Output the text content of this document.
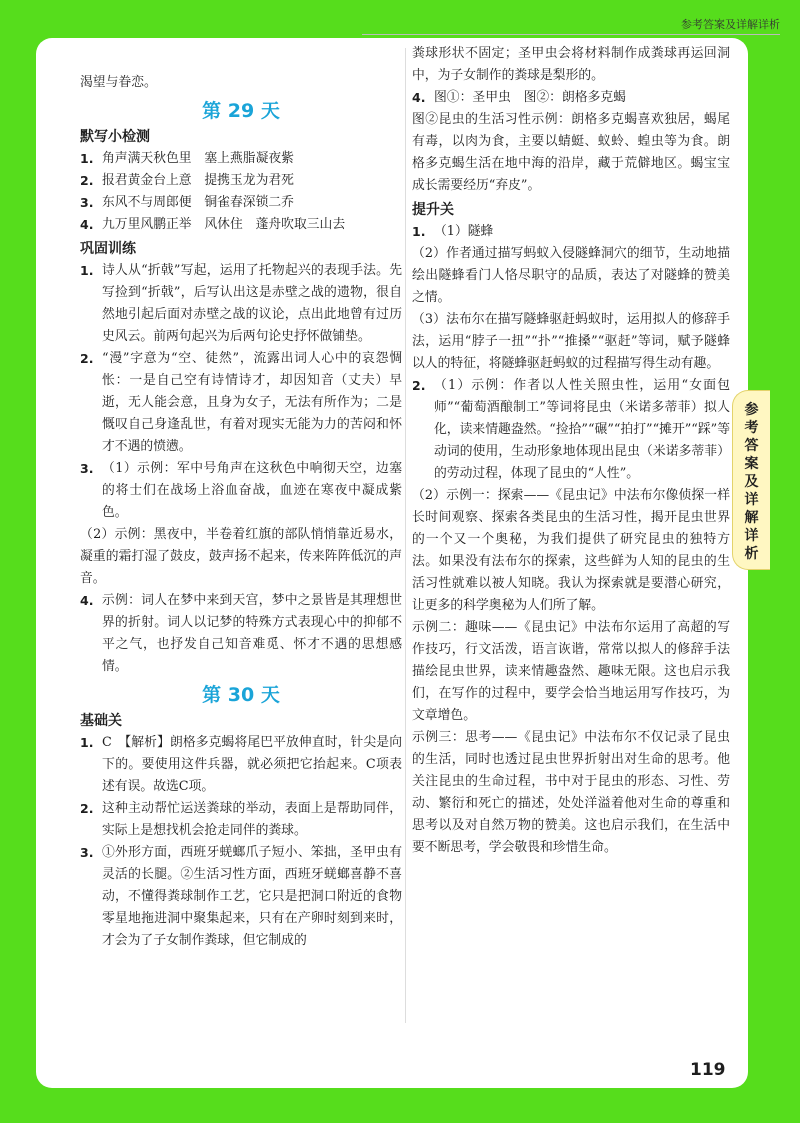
参考答案及详解详析
参考答案及详解详析

渴望与眷恋。

第 29 天
默写小检测
1. 角声满天秋色里　塞上燕脂凝夜紫
2. 报君黄金台上意　提携玉龙为君死
3. 东风不与周郎便　铜雀春深锁二乔
4. 九万里风鹏正举　风休住　蓬舟吹取三山去
巩固训练
1. 诗人从“折戟”写起，运用了托物起兴的表现手法。先写捡到“折戟”，后写认出这是赤壁之战的遗物，很自然地引起后面对赤壁之战的议论，点出此地曾有过历史风云。前两句起兴为后两句论史抒怀做铺垫。
2. “漫”字意为“空、徒然”，流露出词人心中的哀怨惆怅：一是自己空有诗情诗才，却因知音（丈夫）早逝，无人能会意，且身为女子，无法有所作为；二是慨叹自己身逢乱世，有着对现实无能为力的苦闷和怀才不遇的愤懑。
3. （1）示例：军中号角声在这秋色中响彻天空，边塞的将士们在战场上浴血奋战，血迹在寒夜中凝成紫色。

（2）示例：黑夜中，半卷着红旗的部队悄悄靠近易水，凝重的霜打湿了鼓皮，鼓声扬不起来，传来阵阵低沉的声音。

4. 示例：词人在梦中来到天宫，梦中之景皆是其理想世界的折射。词人以记梦的特殊方式表现心中的抑郁不平之气，也抒发自己知音难觅、怀才不遇的思想感情。
第 30 天
基础关
1. C　【解析】朗格多克蝎将尾巴平放伸直时，针尖是向下的。要使用这件兵器，就必须把它抬起来。C项表述有误。故选C项。
2. 这种主动帮忙运送粪球的举动，表面上是帮助同伴，实际上是想找机会抢走同伴的粪球。
3. ①外形方面，西班牙蜣螂爪子短小、笨拙，圣甲虫有灵活的长腿。②生活习性方面，西班牙蜣螂喜静不喜动，不懂得粪球制作工艺，它只是把洞口附近的食物零星地拖进洞中聚集起来，只有在产卵时刻到来时，才会为了子女制作粪球，但它制成的

粪球形状不固定；圣甲虫会将材料制作成粪球再运回洞中，为子女制作的粪球是梨形的。

4. 图①：圣甲虫　图②：朗格多克蝎

图②昆虫的生活习性示例：朗格多克蝎喜欢独居，蝎尾有毒，以肉为食，主要以蜻蜓、蚁蛉、蝗虫等为食。朗格多克蝎生活在地中海的沿岸，藏于荒僻地区。蝎宝宝成长需要经历“弃皮”。

提升关
1. （1）隧蜂

（2）作者通过描写蚂蚁入侵隧蜂洞穴的细节，生动地描绘出隧蜂看门人恪尽职守的品质，表达了对隧蜂的赞美之情。

（3）法布尔在描写隧蜂驱赶蚂蚁时，运用拟人的修辞手法，运用“脖子一扭”“扑”“推搡”“驱赶”等词，赋予隧蜂以人的特征，将隧蜂驱赶蚂蚁的过程描写得生动有趣。

2. （1）示例：作者以人性关照虫性，运用“女面包师”“葡萄酒酿制工”等词将昆虫（米诺多蒂菲）拟人化，读来情趣盎然。“捡拾”“碾”“拍打”“摊开”“踩”等动词的使用，生动形象地体现出昆虫（米诺多蒂菲）的劳动过程，体现了昆虫的“人性”。

（2）示例一：探索——《昆虫记》中法布尔像侦探一样长时间观察、探索各类昆虫的生活习性，揭开昆虫世界的一个又一个奥秘，为我们提供了研究昆虫的独特方法。如果没有法布尔的探索，这些鲜为人知的昆虫的生活习性就难以被人知晓。我认为探索就是要潜心研究，让更多的科学奥秘为人们所了解。

示例二：趣味——《昆虫记》中法布尔运用了高超的写作技巧，行文活泼，语言诙谐，常常以拟人的修辞手法描绘昆虫世界，读来情趣盎然、趣味无限。这也启示我们，在写作的过程中，要学会恰当地运用写作技巧，为文章增色。

示例三：思考——《昆虫记》中法布尔不仅记录了昆虫的生活，同时也透过昆虫世界折射出对生命的思考。他关注昆虫的生命过程，书中对于昆虫的形态、习性、劳动、繁衍和死亡的描述，处处洋溢着他对生命的尊重和思考以及对自然万物的赞美。这也启示我们，在生活中要不断思考，学会敬畏和珍惜生命。

119
